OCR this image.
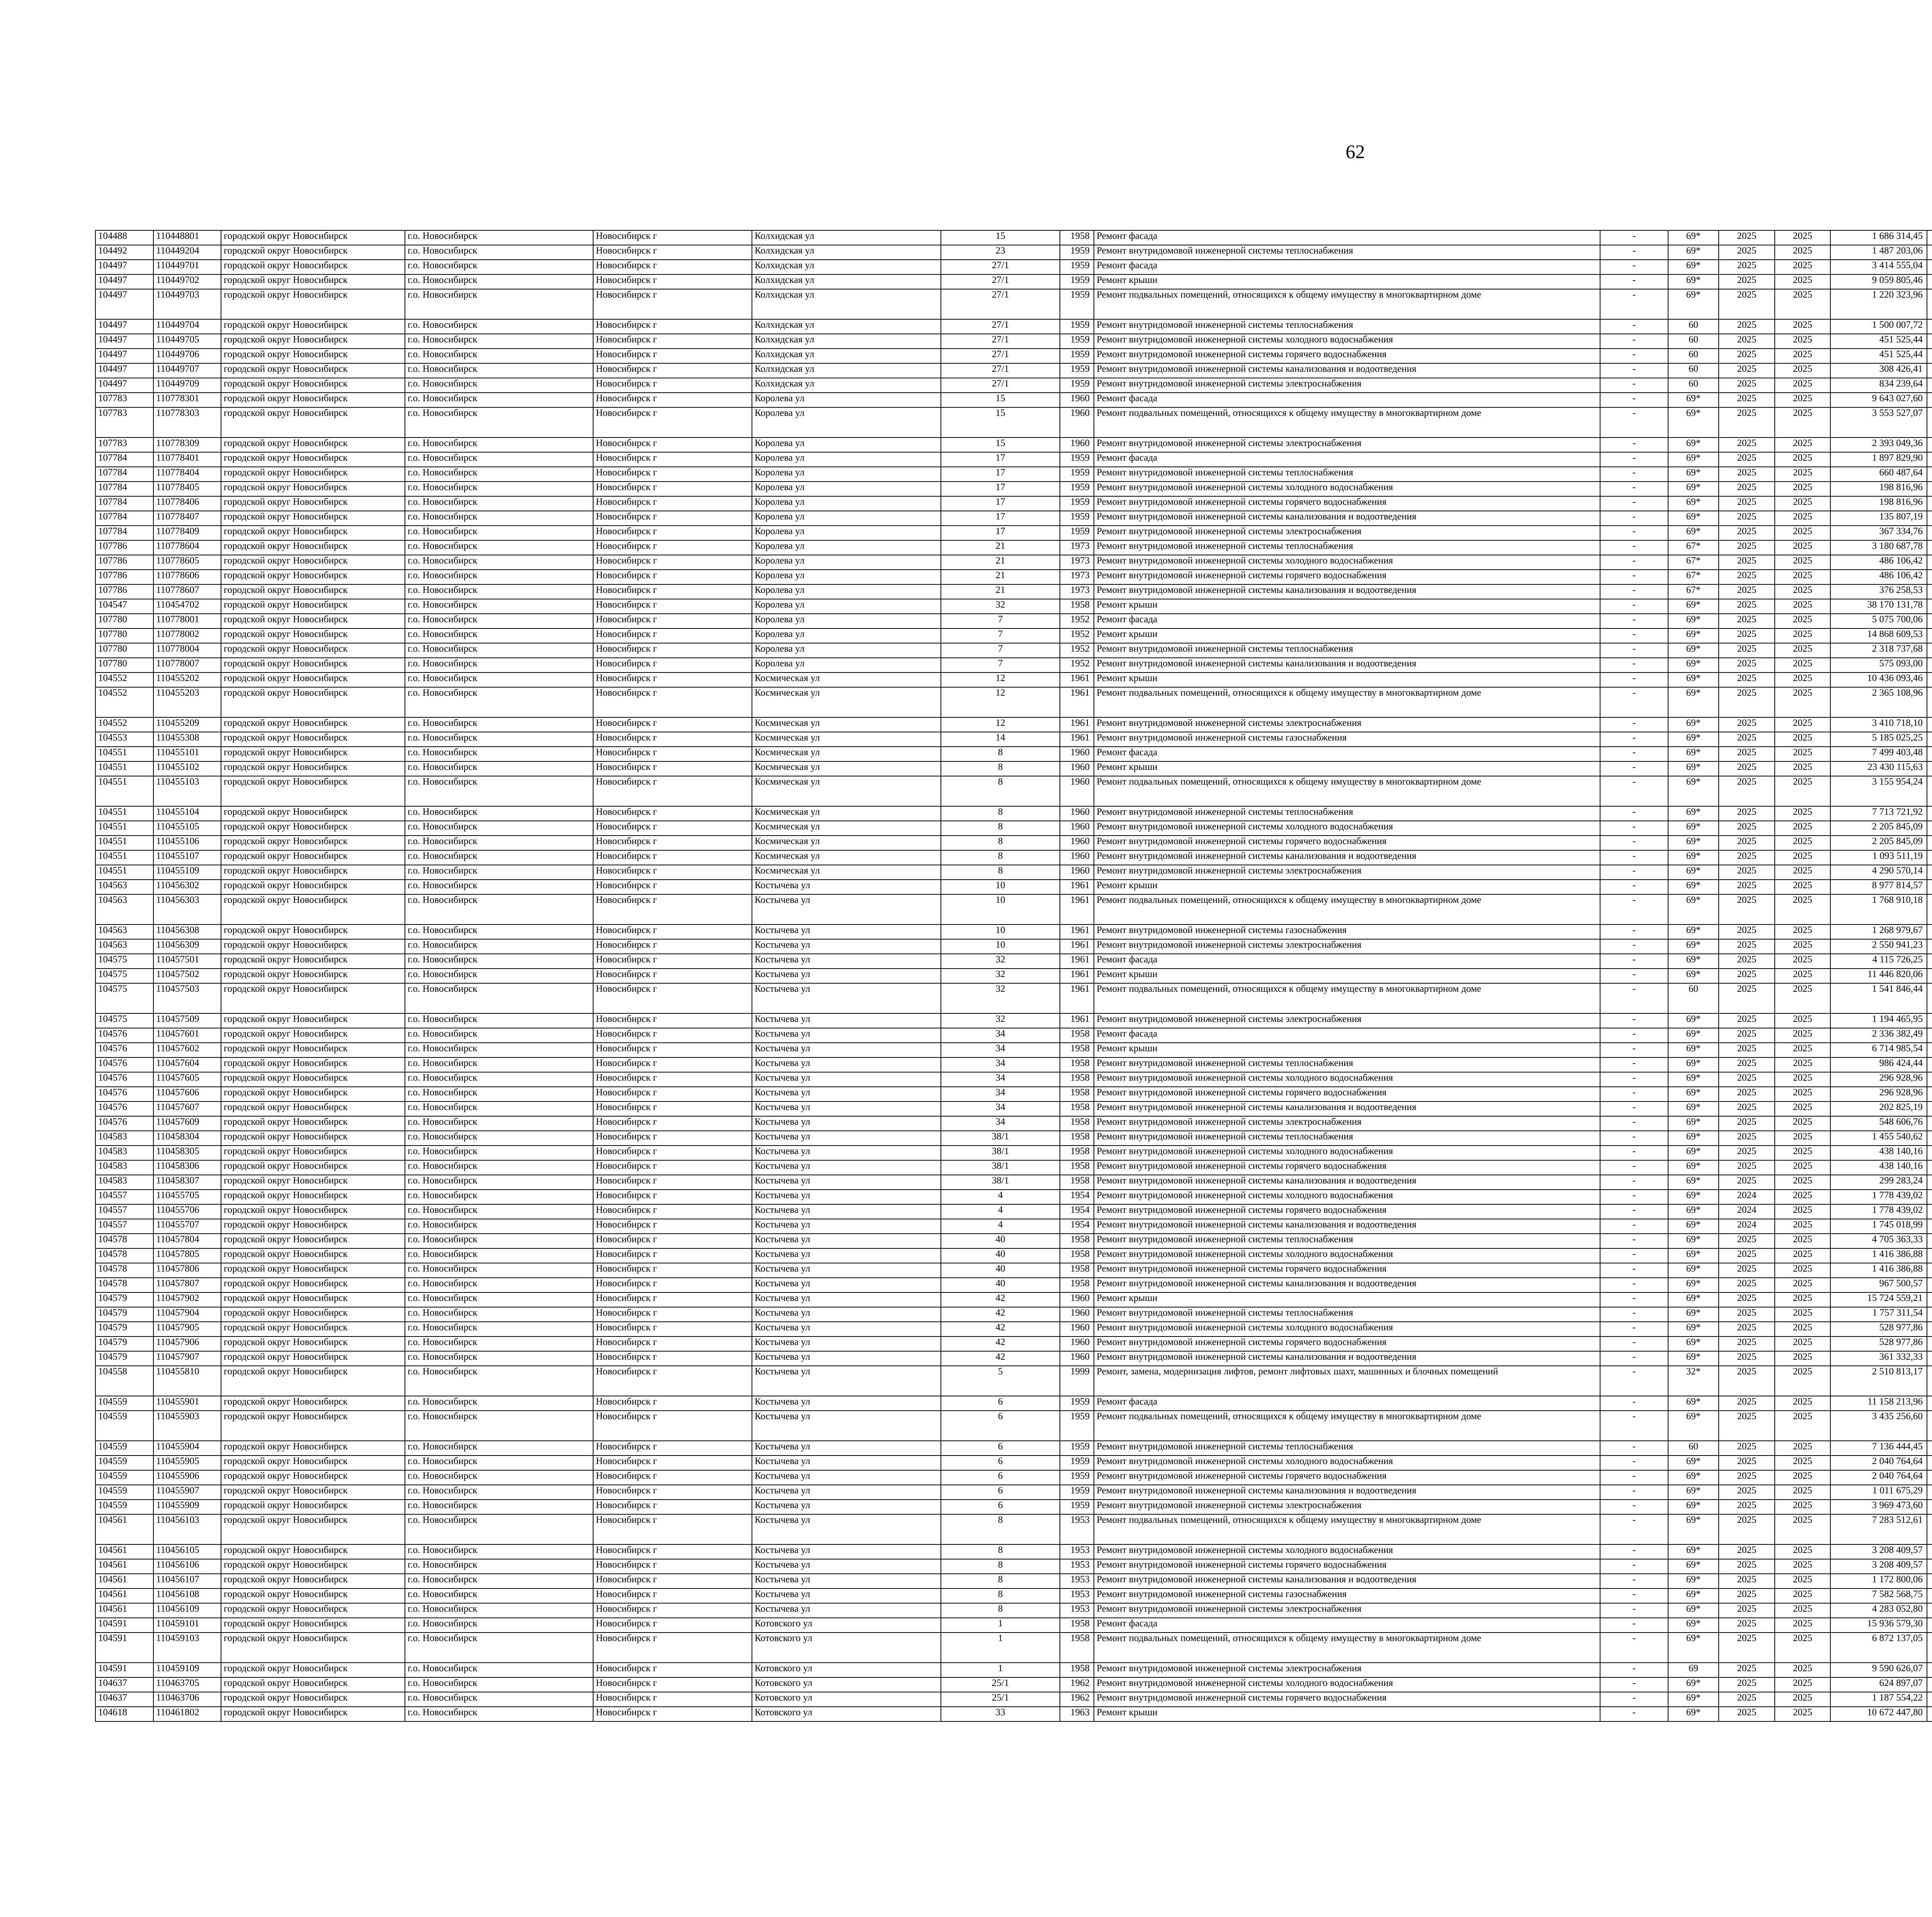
62
104488	110448801	городской округ Новосибирск	г.о. Новосибирск	Новосибирск г	Колхидская ул	15	1958	Ремонт фасада	-	69*	2025	2025	1 686 314,45								
104492	110449204	городской округ Новосибирск	г.о. Новосибирск	Новосибирск г	Колхидская ул	23	1959	Ремонт внутридомовой инженерной системы теплоснабжения	-	69*	2025	2025	1 487 203,06								
104497	110449701	городской округ Новосибирск	г.о. Новосибирск	Новосибирск г	Колхидская ул	27/1	1959	Ремонт фасада	-	69*	2025	2025	3 414 555,04								
104497	110449702	городской округ Новосибирск	г.о. Новосибирск	Новосибирск г	Колхидская ул	27/1	1959	Ремонт крыши	-	69*	2025	2025	9 059 805,46								
104497	110449703	городской округ Новосибирск	г.о. Новосибирск	Новосибирск г	Колхидская ул	27/1	1959	Ремонт подвальных помещений, относящихся к общему имуществу в многоквартирном доме	-	69*	2025	2025	1 220 323,96								
104497	110449704	городской округ Новосибирск	г.о. Новосибирск	Новосибирск г	Колхидская ул	27/1	1959	Ремонт внутридомовой инженерной системы теплоснабжения	-	60	2025	2025	1 500 007,72								
104497	110449705	городской округ Новосибирск	г.о. Новосибирск	Новосибирск г	Колхидская ул	27/1	1959	Ремонт внутридомовой инженерной системы холодного водоснабжения	-	60	2025	2025	451 525,44								
104497	110449706	городской округ Новосибирск	г.о. Новосибирск	Новосибирск г	Колхидская ул	27/1	1959	Ремонт внутридомовой инженерной системы горячего водоснабжения	-	60	2025	2025	451 525,44								
104497	110449707	городской округ Новосибирск	г.о. Новосибирск	Новосибирск г	Колхидская ул	27/1	1959	Ремонт внутридомовой инженерной системы канализования и водоотведения	-	60	2025	2025	308 426,41								
104497	110449709	городской округ Новосибирск	г.о. Новосибирск	Новосибирск г	Колхидская ул	27/1	1959	Ремонт внутридомовой инженерной системы электроснабжения	-	60	2025	2025	834 239,64								
107783	110778301	городской округ Новосибирск	г.о. Новосибирск	Новосибирск г	Королева ул	15	1960	Ремонт фасада	-	69*	2025	2025	9 643 027,60								
107783	110778303	городской округ Новосибирск	г.о. Новосибирск	Новосибирск г	Королева ул	15	1960	Ремонт подвальных помещений, относящихся к общему имуществу в многоквартирном доме	-	69*	2025	2025	3 553 527,07								
107783	110778309	городской округ Новосибирск	г.о. Новосибирск	Новосибирск г	Королева ул	15	1960	Ремонт внутридомовой инженерной системы электроснабжения	-	69*	2025	2025	2 393 049,36								
107784	110778401	городской округ Новосибирск	г.о. Новосибирск	Новосибирск г	Королева ул	17	1959	Ремонт фасада	-	69*	2025	2025	1 897 829,90								
107784	110778404	городской округ Новосибирск	г.о. Новосибирск	Новосибирск г	Королева ул	17	1959	Ремонт внутридомовой инженерной системы теплоснабжения	-	69*	2025	2025	660 487,64								
107784	110778405	городской округ Новосибирск	г.о. Новосибирск	Новосибирск г	Королева ул	17	1959	Ремонт внутридомовой инженерной системы холодного водоснабжения	-	69*	2025	2025	198 816,96								
107784	110778406	городской округ Новосибирск	г.о. Новосибирск	Новосибирск г	Королева ул	17	1959	Ремонт внутридомовой инженерной системы горячего водоснабжения	-	69*	2025	2025	198 816,96								
107784	110778407	городской округ Новосибирск	г.о. Новосибирск	Новосибирск г	Королева ул	17	1959	Ремонт внутридомовой инженерной системы канализования и водоотведения	-	69*	2025	2025	135 807,19								
107784	110778409	городской округ Новосибирск	г.о. Новосибирск	Новосибирск г	Королева ул	17	1959	Ремонт внутридомовой инженерной системы электроснабжения	-	69*	2025	2025	367 334,76								
107786	110778604	городской округ Новосибирск	г.о. Новосибирск	Новосибирск г	Королева ул	21	1973	Ремонт внутридомовой инженерной системы теплоснабжения	-	67*	2025	2025	3 180 687,78								
107786	110778605	городской округ Новосибирск	г.о. Новосибирск	Новосибирск г	Королева ул	21	1973	Ремонт внутридомовой инженерной системы холодного водоснабжения	-	67*	2025	2025	486 106,42								
107786	110778606	городской округ Новосибирск	г.о. Новосибирск	Новосибирск г	Королева ул	21	1973	Ремонт внутридомовой инженерной системы горячего водоснабжения	-	67*	2025	2025	486 106,42								
107786	110778607	городской округ Новосибирск	г.о. Новосибирск	Новосибирск г	Королева ул	21	1973	Ремонт внутридомовой инженерной системы канализования и водоотведения	-	67*	2025	2025	376 258,53								
104547	110454702	городской округ Новосибирск	г.о. Новосибирск	Новосибирск г	Королева ул	32	1958	Ремонт крыши	-	69*	2025	2025	38 170 131,78								
107780	110778001	городской округ Новосибирск	г.о. Новосибирск	Новосибирск г	Королева ул	7	1952	Ремонт фасада	-	69*	2025	2025	5 075 700,06								
107780	110778002	городской округ Новосибирск	г.о. Новосибирск	Новосибирск г	Королева ул	7	1952	Ремонт крыши	-	69*	2025	2025	14 868 609,53								
107780	110778004	городской округ Новосибирск	г.о. Новосибирск	Новосибирск г	Королева ул	7	1952	Ремонт внутридомовой инженерной системы теплоснабжения	-	69*	2025	2025	2 318 737,68								
107780	110778007	городской округ Новосибирск	г.о. Новосибирск	Новосибирск г	Королева ул	7	1952	Ремонт внутридомовой инженерной системы канализования и водоотведения	-	69*	2025	2025	575 093,00								
104552	110455202	городской округ Новосибирск	г.о. Новосибирск	Новосибирск г	Космическая ул	12	1961	Ремонт крыши	-	69*	2025	2025	10 436 093,46								
104552	110455203	городской округ Новосибирск	г.о. Новосибирск	Новосибирск г	Космическая ул	12	1961	Ремонт подвальных помещений, относящихся к общему имуществу в многоквартирном доме	-	69*	2025	2025	2 365 108,96								
104552	110455209	городской округ Новосибирск	г.о. Новосибирск	Новосибирск г	Космическая ул	12	1961	Ремонт внутридомовой инженерной системы электроснабжения	-	69*	2025	2025	3 410 718,10								
104553	110455308	городской округ Новосибирск	г.о. Новосибирск	Новосибирск г	Космическая ул	14	1961	Ремонт внутридомовой инженерной системы газоснабжения	-	69*	2025	2025	5 185 025,25								
104551	110455101	городской округ Новосибирск	г.о. Новосибирск	Новосибирск г	Космическая ул	8	1960	Ремонт фасада	-	69*	2025	2025	7 499 403,48								
104551	110455102	городской округ Новосибирск	г.о. Новосибирск	Новосибирск г	Космическая ул	8	1960	Ремонт крыши	-	69*	2025	2025	23 430 115,63								
104551	110455103	городской округ Новосибирск	г.о. Новосибирск	Новосибирск г	Космическая ул	8	1960	Ремонт подвальных помещений, относящихся к общему имуществу в многоквартирном доме	-	69*	2025	2025	3 155 954,24								
104551	110455104	городской округ Новосибирск	г.о. Новосибирск	Новосибирск г	Космическая ул	8	1960	Ремонт внутридомовой инженерной системы теплоснабжения	-	69*	2025	2025	7 713 721,92								
104551	110455105	городской округ Новосибирск	г.о. Новосибирск	Новосибирск г	Космическая ул	8	1960	Ремонт внутридомовой инженерной системы холодного водоснабжения	-	69*	2025	2025	2 205 845,09								
104551	110455106	городской округ Новосибирск	г.о. Новосибирск	Новосибирск г	Космическая ул	8	1960	Ремонт внутридомовой инженерной системы горячего водоснабжения	-	69*	2025	2025	2 205 845,09								
104551	110455107	городской округ Новосибирск	г.о. Новосибирск	Новосибирск г	Космическая ул	8	1960	Ремонт внутридомовой инженерной системы канализования и водоотведения	-	69*	2025	2025	1 093 511,19								
104551	110455109	городской округ Новосибирск	г.о. Новосибирск	Новосибирск г	Космическая ул	8	1960	Ремонт внутридомовой инженерной системы электроснабжения	-	69*	2025	2025	4 290 570,14								
104563	110456302	городской округ Новосибирск	г.о. Новосибирск	Новосибирск г	Костычева ул	10	1961	Ремонт крыши	-	69*	2025	2025	8 977 814,57								
104563	110456303	городской округ Новосибирск	г.о. Новосибирск	Новосибирск г	Костычева ул	10	1961	Ремонт подвальных помещений, относящихся к общему имуществу в многоквартирном доме	-	69*	2025	2025	1 768 910,18								
104563	110456308	городской округ Новосибирск	г.о. Новосибирск	Новосибирск г	Костычева ул	10	1961	Ремонт внутридомовой инженерной системы газоснабжения	-	69*	2025	2025	1 268 979,67								
104563	110456309	городской округ Новосибирск	г.о. Новосибирск	Новосибирск г	Костычева ул	10	1961	Ремонт внутридомовой инженерной системы электроснабжения	-	69*	2025	2025	2 550 941,23								
104575	110457501	городской округ Новосибирск	г.о. Новосибирск	Новосибирск г	Костычева ул	32	1961	Ремонт фасада	-	69*	2025	2025	4 115 726,25								
104575	110457502	городской округ Новосибирск	г.о. Новосибирск	Новосибирск г	Костычева ул	32	1961	Ремонт крыши	-	69*	2025	2025	11 446 820,06								
104575	110457503	городской округ Новосибирск	г.о. Новосибирск	Новосибирск г	Костычева ул	32	1961	Ремонт подвальных помещений, относящихся к общему имуществу в многоквартирном доме	-	60	2025	2025	1 541 846,44								
104575	110457509	городской округ Новосибирск	г.о. Новосибирск	Новосибирск г	Костычева ул	32	1961	Ремонт внутридомовой инженерной системы электроснабжения	-	69*	2025	2025	1 194 465,95								
104576	110457601	городской округ Новосибирск	г.о. Новосибирск	Новосибирск г	Костычева ул	34	1958	Ремонт фасада	-	69*	2025	2025	2 336 382,49								
104576	110457602	городской округ Новосибирск	г.о. Новосибирск	Новосибирск г	Костычева ул	34	1958	Ремонт крыши	-	69*	2025	2025	6 714 985,54								
104576	110457604	городской округ Новосибирск	г.о. Новосибирск	Новосибирск г	Костычева ул	34	1958	Ремонт внутридомовой инженерной системы теплоснабжения	-	69*	2025	2025	986 424,44								
104576	110457605	городской округ Новосибирск	г.о. Новосибирск	Новосибирск г	Костычева ул	34	1958	Ремонт внутридомовой инженерной системы холодного водоснабжения	-	69*	2025	2025	296 928,96								
104576	110457606	городской округ Новосибирск	г.о. Новосибирск	Новосибирск г	Костычева ул	34	1958	Ремонт внутридомовой инженерной системы горячего водоснабжения	-	69*	2025	2025	296 928,96								
104576	110457607	городской округ Новосибирск	г.о. Новосибирск	Новосибирск г	Костычева ул	34	1958	Ремонт внутридомовой инженерной системы канализования и водоотведения	-	69*	2025	2025	202 825,19								
104576	110457609	городской округ Новосибирск	г.о. Новосибирск	Новосибирск г	Костычева ул	34	1958	Ремонт внутридомовой инженерной системы электроснабжения	-	69*	2025	2025	548 606,76								
104583	110458304	городской округ Новосибирск	г.о. Новосибирск	Новосибирск г	Костычева ул	38/1	1958	Ремонт внутридомовой инженерной системы теплоснабжения	-	69*	2025	2025	1 455 540,62								
104583	110458305	городской округ Новосибирск	г.о. Новосибирск	Новосибирск г	Костычева ул	38/1	1958	Ремонт внутридомовой инженерной системы холодного водоснабжения	-	69*	2025	2025	438 140,16								
104583	110458306	городской округ Новосибирск	г.о. Новосибирск	Новосибирск г	Костычева ул	38/1	1958	Ремонт внутридомовой инженерной системы горячего водоснабжения	-	69*	2025	2025	438 140,16								
104583	110458307	городской округ Новосибирск	г.о. Новосибирск	Новосибирск г	Костычева ул	38/1	1958	Ремонт внутридомовой инженерной системы канализования и водоотведения	-	69*	2025	2025	299 283,24								
104557	110455705	городской округ Новосибирск	г.о. Новосибирск	Новосибирск г	Костычева ул	4	1954	Ремонт внутридомовой инженерной системы холодного водоснабжения	-	69*	2024	2025	1 778 439,02								
104557	110455706	городской округ Новосибирск	г.о. Новосибирск	Новосибирск г	Костычева ул	4	1954	Ремонт внутридомовой инженерной системы горячего водоснабжения	-	69*	2024	2025	1 778 439,02								
104557	110455707	городской округ Новосибирск	г.о. Новосибирск	Новосибирск г	Костычева ул	4	1954	Ремонт внутридомовой инженерной системы канализования и водоотведения	-	69*	2024	2025	1 745 018,99								
104578	110457804	городской округ Новосибирск	г.о. Новосибирск	Новосибирск г	Костычева ул	40	1958	Ремонт внутридомовой инженерной системы теплоснабжения	-	69*	2025	2025	4 705 363,33								
104578	110457805	городской округ Новосибирск	г.о. Новосибирск	Новосибирск г	Костычева ул	40	1958	Ремонт внутридомовой инженерной системы холодного водоснабжения	-	69*	2025	2025	1 416 386,88								
104578	110457806	городской округ Новосибирск	г.о. Новосибирск	Новосибирск г	Костычева ул	40	1958	Ремонт внутридомовой инженерной системы горячего водоснабжения	-	69*	2025	2025	1 416 386,88								
104578	110457807	городской округ Новосибирск	г.о. Новосибирск	Новосибирск г	Костычева ул	40	1958	Ремонт внутридомовой инженерной системы канализования и водоотведения	-	69*	2025	2025	967 500,57								
104579	110457902	городской округ Новосибирск	г.о. Новосибирск	Новосибирск г	Костычева ул	42	1960	Ремонт крыши	-	69*	2025	2025	15 724 559,21								
104579	110457904	городской округ Новосибирск	г.о. Новосибирск	Новосибирск г	Костычева ул	42	1960	Ремонт внутридомовой инженерной системы теплоснабжения	-	69*	2025	2025	1 757 311,54								
104579	110457905	городской округ Новосибирск	г.о. Новосибирск	Новосибирск г	Костычева ул	42	1960	Ремонт внутридомовой инженерной системы холодного водоснабжения	-	69*	2025	2025	528 977,86								
104579	110457906	городской округ Новосибирск	г.о. Новосибирск	Новосибирск г	Костычева ул	42	1960	Ремонт внутридомовой инженерной системы горячего водоснабжения	-	69*	2025	2025	528 977,86								
104579	110457907	городской округ Новосибирск	г.о. Новосибирск	Новосибирск г	Костычева ул	42	1960	Ремонт внутридомовой инженерной системы канализования и водоотведения	-	69*	2025	2025	361 332,33								
104558	110455810	городской округ Новосибирск	г.о. Новосибирск	Новосибирск г	Костычева ул	5	1999	Ремонт, замена, модернизация лифтов, ремонт лифтовых шахт, машинных и блочных помещений	-	32*	2025	2025	2 510 813,17								
104559	110455901	городской округ Новосибирск	г.о. Новосибирск	Новосибирск г	Костычева ул	6	1959	Ремонт фасада	-	69*	2025	2025	11 158 213,96								
104559	110455903	городской округ Новосибирск	г.о. Новосибирск	Новосибирск г	Костычева ул	6	1959	Ремонт подвальных помещений, относящихся к общему имуществу в многоквартирном доме	-	69*	2025	2025	3 435 256,60								
104559	110455904	городской округ Новосибирск	г.о. Новосибирск	Новосибирск г	Костычева ул	6	1959	Ремонт внутридомовой инженерной системы теплоснабжения	-	60	2025	2025	7 136 444,45								
104559	110455905	городской округ Новосибирск	г.о. Новосибирск	Новосибирск г	Костычева ул	6	1959	Ремонт внутридомовой инженерной системы холодного водоснабжения	-	69*	2025	2025	2 040 764,64								
104559	110455906	городской округ Новосибирск	г.о. Новосибирск	Новосибирск г	Костычева ул	6	1959	Ремонт внутридомовой инженерной системы горячего водоснабжения	-	69*	2025	2025	2 040 764,64								
104559	110455907	городской округ Новосибирск	г.о. Новосибирск	Новосибирск г	Костычева ул	6	1959	Ремонт внутридомовой инженерной системы канализования и водоотведения	-	69*	2025	2025	1 011 675,29								
104559	110455909	городской округ Новосибирск	г.о. Новосибирск	Новосибирск г	Костычева ул	6	1959	Ремонт внутридомовой инженерной системы электроснабжения	-	69*	2025	2025	3 969 473,60								
104561	110456103	городской округ Новосибирск	г.о. Новосибирск	Новосибирск г	Костычева ул	8	1953	Ремонт подвальных помещений, относящихся к общему имуществу в многоквартирном доме	-	69*	2025	2025	7 283 512,61								
104561	110456105	городской округ Новосибирск	г.о. Новосибирск	Новосибирск г	Костычева ул	8	1953	Ремонт внутридомовой инженерной системы холодного водоснабжения	-	69*	2025	2025	3 208 409,57								
104561	110456106	городской округ Новосибирск	г.о. Новосибирск	Новосибирск г	Костычева ул	8	1953	Ремонт внутридомовой инженерной системы горячего водоснабжения	-	69*	2025	2025	3 208 409,57								
104561	110456107	городской округ Новосибирск	г.о. Новосибирск	Новосибирск г	Костычева ул	8	1953	Ремонт внутридомовой инженерной системы канализования и водоотведения	-	69*	2025	2025	1 172 800,06								
104561	110456108	городской округ Новосибирск	г.о. Новосибирск	Новосибирск г	Костычева ул	8	1953	Ремонт внутридомовой инженерной системы газоснабжения	-	69*	2025	2025	7 582 568,75								
104561	110456109	городской округ Новосибирск	г.о. Новосибирск	Новосибирск г	Костычева ул	8	1953	Ремонт внутридомовой инженерной системы электроснабжения	-	69*	2025	2025	4 283 052,80								
104591	110459101	городской округ Новосибирск	г.о. Новосибирск	Новосибирск г	Котовского ул	1	1958	Ремонт фасада	-	69*	2025	2025	15 936 579,30								
104591	110459103	городской округ Новосибирск	г.о. Новосибирск	Новосибирск г	Котовского ул	1	1958	Ремонт подвальных помещений, относящихся к общему имуществу в многоквартирном доме	-	69*	2025	2025	6 872 137,05								
104591	110459109	городской округ Новосибирск	г.о. Новосибирск	Новосибирск г	Котовского ул	1	1958	Ремонт внутридомовой инженерной системы электроснабжения	-	69	2025	2025	9 590 626,07								
104637	110463705	городской округ Новосибирск	г.о. Новосибирск	Новосибирск г	Котовского ул	25/1	1962	Ремонт внутридомовой инженерной системы холодного водоснабжения	-	69*	2025	2025	624 897,07								
104637	110463706	городской округ Новосибирск	г.о. Новосибирск	Новосибирск г	Котовского ул	25/1	1962	Ремонт внутридомовой инженерной системы горячего водоснабжения	-	69*	2025	2025	1 187 554,22								
104618	110461802	городской округ Новосибирск	г.о. Новосибирск	Новосибирск г	Котовского ул	33	1963	Ремонт крыши	-	69*	2025	2025	10 672 447,80								
